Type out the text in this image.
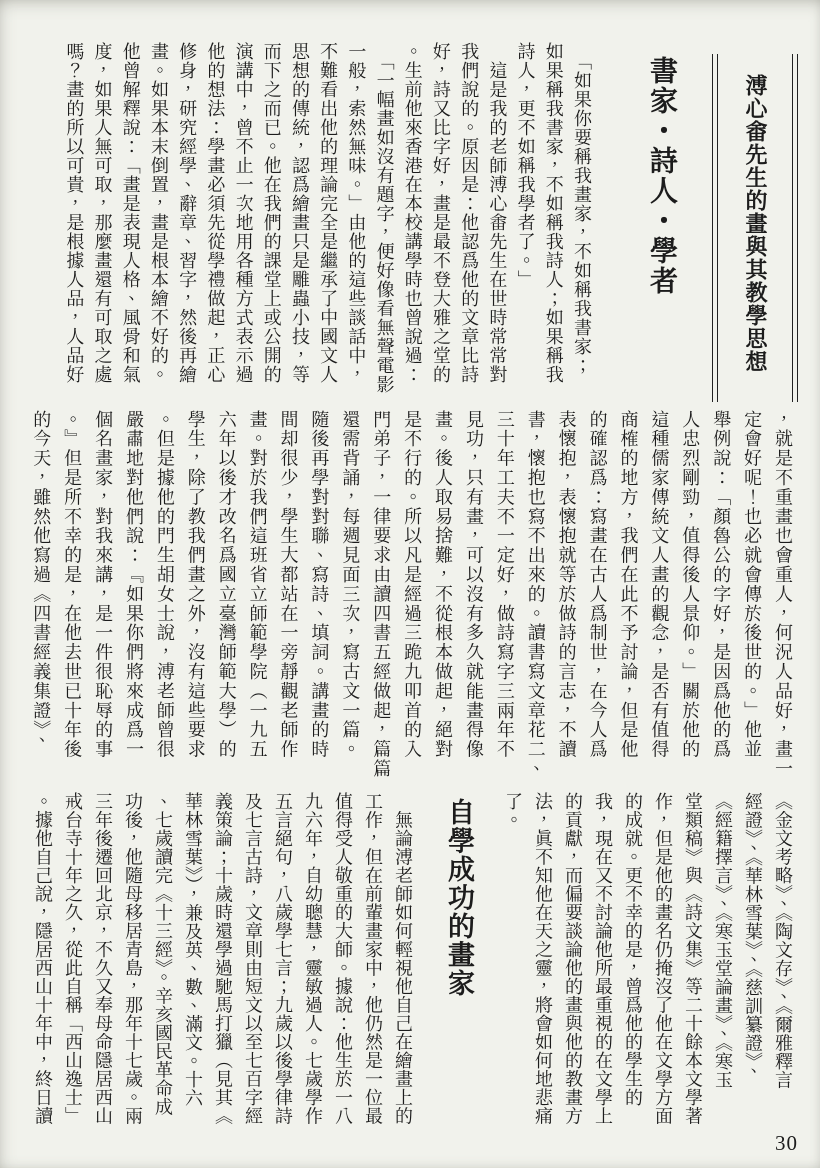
溥心畬先生的畫與其教學思想
書家・詩人・學者
　「如果你要稱我畫家，不如稱我書家；
如果稱我書家，不如稱我詩人；如果稱我
詩人，更不如稱我學者了。」
　這是我的老師溥心畬先生在世時常常對
我們說的。原因是：他認爲他的文章比詩
好，詩又比字好，畫是最不登大雅之堂的
。生前他來香港在本校講學時也曾說過：
　「一幅畫如沒有題字，便好像看無聲電影
一般，索然無味。」由他的這些談話中，
不難看出他的理論完全是繼承了中國文人
思想的傳統，認爲繪畫只是雕蟲小技，等
而下之而已。他在我們的課堂上或公開的
演講中，曾不止一次地用各種方式表示過
他的想法：學畫必須先從學禮做起，正心
修身，研究經學、辭章、習字，然後再繪
畫。如果本末倒置，畫是根本繪不好的。
他曾解釋說：「畫是表現人格、風骨和氣
度，如果人無可取，那麼畫還有可取之處
嗎？畫的所以可貴，是根據人品，人品好
，就是不重畫也會重人，何況人品好，畫一
定會好呢！也必就會傳於後世的。」他並
舉例說：「顏魯公的字好，是因爲他的爲
人忠烈剛勁，值得後人景仰。」關於他的
這種儒家傳統文人畫的觀念，是否有值得
商榷的地方，我們在此不予討論，但是他
的確認爲：寫畫在古人爲制世，在今人爲
表懷抱，表懷抱就等於做詩的言志，不讀
書，懷抱也寫不出來的。讀書寫文章花二、
三十年工夫不一定好，做詩寫字三兩年不
見功，只有畫，可以沒有多久就能畫得像
畫。後人取易捨難，不從根本做起，絕對
是不行的。所以凡是經過三跪九叩首的入
門弟子，一律要求由讀四書五經做起，篇篇
還需背誦，每週見面三次，寫古文一篇。
隨後再學對對聯、寫詩、填詞。講畫的時
間却很少，學生大都站在一旁靜觀老師作
畫。對於我們這班省立師範學院（一九五
六年以後才改名爲國立臺灣師範大學）的
學生，除了教我們畫之外，沒有這些要求
。但是據他的門生胡女士說，溥老師曾很
嚴肅地對他們說：『如果你們將來成爲一
個名畫家，對我來講，是一件很恥辱的事
。』但是所不幸的是，在他去世已十年後
的今天，雖然他寫過《四書經義集證》、
《金文考略》、《陶文存》、《爾雅釋言
經證》、《華林雪葉》、《慈訓纂證》、
《經籍擇言》、《寒玉堂論畫》、《寒玉
堂類稿》與《詩文集》等二十餘本文學著
作，但是他的畫名仍掩沒了他在文學方面
的成就。更不幸的是，曾爲他的學生的
我，現在又不討論他所最重視的在文學上
的貢獻，而偏要談論他的畫與他的教畫方
法，眞不知他在天之靈，將會如何地悲痛
了。
自學成功的畫家
　無論溥老師如何輕視他自己在繪畫上的
工作，但在前輩畫家中，他仍然是一位最
值得受人敬重的大師。據說：他生於一八
九六年，自幼聰慧，靈敏過人。七歲學作
五言絕句，八歲學七言；九歲以後學律詩
及七言古詩，文章則由短文以至七百字經
義策論；十歲時還學過馳馬打獵（見其《
華林雪葉》），兼及英、數、滿文。十六
、七歲讀完《十三經》。辛亥國民革命成
功後，他隨母移居青島，那年十七歲。兩
三年後遷回北京，不久又奉母命隱居西山
戒台寺十年之久，從此自稱「西山逸士」
。據他自己說，隱居西山十年中，終日讀
30
